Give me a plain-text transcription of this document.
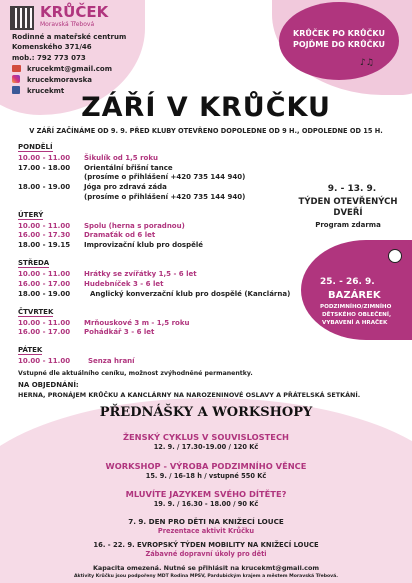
KRŮČEK
Moravská Třebová
Rodinné a mateřské centrum
Komenského 371/46
mob.: 792 773 073
krucekmt@gmail.com
krucekmoravska
krucekmt
KRŮČEK PO KRŮČKU
POJĎME DO KRŮČKU
♪♫
ZÁŘÍ V KRŮČKU
V ZÁŘÍ ZAČÍNÁME OD 9. 9. PŘED KLUBY OTEVŘENO DOPOLEDNE OD 9 H., ODPOLEDNE OD 15 H.
PONDĚLÍ
10.00 - 11.00 Šikulík od 1,5 roku
17.00 - 18.00 Orientální břišní tance
(prosíme o přihlášení +420 735 144 940)
18.00 - 19.00 Jóga pro zdravá záda
(prosíme o přihlášení +420 735 144 940)
ÚTERÝ
10.00 - 11.00 Spolu (herna s poradnou)
16.00 - 17.30 Dramaťák od 6 let
18.00 - 19.15 Improvizační klub pro dospělé
STŘEDA
10.00 - 11.00 Hrátky se zvířátky 1,5 - 6 let
16.00 - 17.00 Hudebníček 3 - 6 let
18.00 - 19.00	Anglický konverzační klub pro dospělé (Kanclárna)
ČTVRTEK
10.00 - 11.00 Mrňouskové 3 m - 1,5 roku
16.00 - 17.00 Pohádkář 3 - 6 let
PÁTEK
10.00 - 11.00	Senza hraní
Vstupné dle aktuálního ceníku, možnost zvýhodněné permanentky.
9. - 13. 9.
TÝDEN OTEVŘENÝCH
DVEŘÍ
Program zdarma
25. - 26. 9.
BAZÁREK
PODZIMNÍHO/ZIMNÍHO
DĚTSKÉHO OBLEČENÍ,
VYBAVENÍ A HRAČEK
NA OBJEDNÁNÍ:
HERNA, PRONÁJEM KRŮČKU A KANCLÁRNY NA NAROZENINOVÉ OSLAVY A PŘÁTELSKÁ SETKÁNÍ.
PŘEDNÁŠKY A WORKSHOPY
ŽENSKÝ CYKLUS V SOUVISLOSTECH
12. 9. / 17.30-19.00 / 120 Kč
WORKSHOP - VÝROBA PODZIMNÍHO VĚNCE
15. 9. / 16-18 h / vstupné 550 Kč
MLUVÍTE JAZYKEM SVÉHO DÍTĚTE?
19. 9. / 16.30 - 18.00 / 90 Kč
7. 9. DEN PRO DĚTI NA KNIŽECÍ LOUCE
Prezentace aktivit Krůčku
16. - 22. 9. EVROPSKÝ TÝDEN MOBILITY NA KNIŽECÍ LOUCE
Zábavné dopravní úkoly pro děti
Kapacita omezená. Nutné se přihlásit na krucekmt@gmail.com
Aktivity Krůčku jsou podpořeny MDT Rodina MPSV, Pardubickým krajem a městem Moravská Třebová.
